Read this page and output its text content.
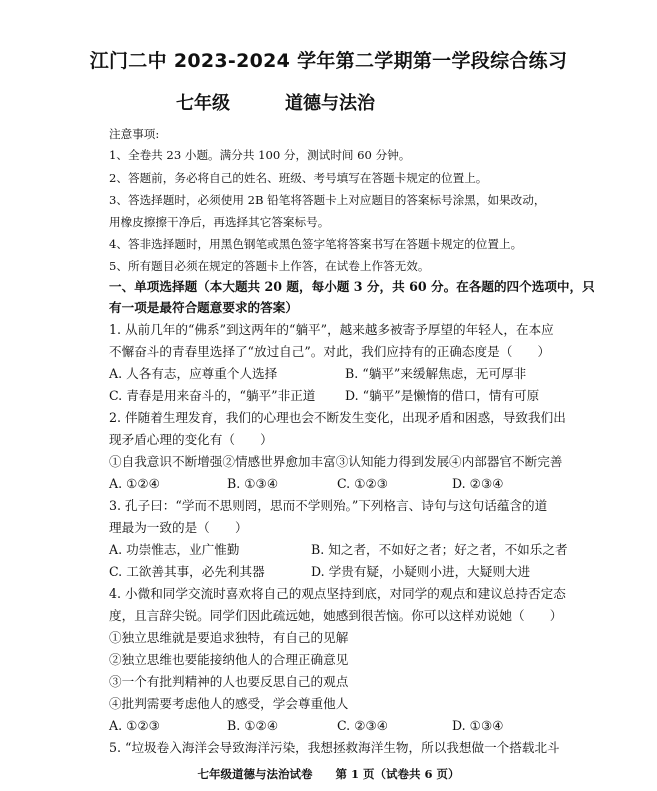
江门二中 2023-2024 学年第二学期第一学段综合练习
七年级	道德与法治
注意事项:
1、全卷共 23 小题。满分共 100 分，测试时间 60 分钟。
2、答题前，务必将自己的姓名、班级、考号填写在答题卡规定的位置上。
3、答选择题时，必须使用 2B 铅笔将答题卡上对应题目的答案标号涂黑，如果改动，
用橡皮擦擦干净后，再选择其它答案标号。
4、答非选择题时，用黑色钢笔或黑色签字笔将答案书写在答题卡规定的位置上。
5、所有题目必须在规定的答题卡上作答，在试卷上作答无效。
一、单项选择题（本大题共 20 题，每小题 3 分，共 60 分。在各题的四个选项中，只
有一项是最符合题意要求的答案）
1. 从前几年的“佛系”到这两年的“躺平”，越来越多被寄予厚望的年轻人，在本应
不懈奋斗的青春里选择了“放过自己”。对此，我们应持有的正确态度是（　　）
A. 人各有志，应尊重个人选择	B. “躺平”来缓解焦虑，无可厚非
C. 青春是用来奋斗的，“躺平”非正道 D. “躺平”是懒惰的借口，情有可原
2. 伴随着生理发育，我们的心理也会不断发生变化，出现矛盾和困惑，导致我们出
现矛盾心理的变化有（　　）
①自我意识不断增强②情感世界愈加丰富③认知能力得到发展④内部器官不断完善
A. ①②④	B. ①③④	C. ①②③	D. ②③④
3. 孔子曰：“学而不思则罔，思而不学则殆。”下列格言、诗句与这句话蕴含的道
理最为一致的是（　　）
A. 功崇惟志，业广惟勤	B. 知之者，不如好之者；好之者，不如乐之者
C. 工欲善其事，必先利其器	D. 学贵有疑，小疑则小进，大疑则大进
4. 小微和同学交流时喜欢将自己的观点坚持到底，对同学的观点和建议总持否定态
度，且言辞尖锐。同学们因此疏远她，她感到很苦恼。你可以这样劝说她（　　）
①独立思维就是要追求独特，有自己的见解
②独立思维也要能接纳他人的合理正确意见
③一个有批判精神的人也要反思自己的观点
④批判需要考虑他人的感受，学会尊重他人
A. ①②③	B. ①②④	C. ②③④	D. ①③④
5. “垃圾卷入海洋会导致海洋污染，我想拯救海洋生物，所以我想做一个搭载北斗
七年级道德与法治试卷　　第 1 页（试卷共 6 页）
